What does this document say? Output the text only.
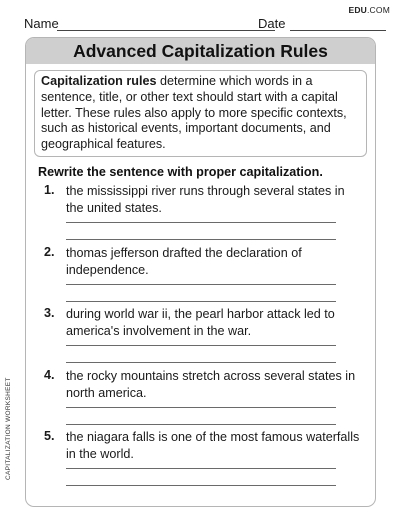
EDU.COM
Name	Date
Advanced Capitalization Rules
Capitalization rules determine which words in a sentence, title, or other text should start with a capital letter. These rules also apply to more specific contexts, such as historical events, important documents, and geographical features.
Rewrite the sentence with proper capitalization.
1. the mississippi river runs through several states in the united states.
2. thomas jefferson drafted the declaration of independence.
3. during world war ii, the pearl harbor attack led to america's involvement in the war.
4. the rocky mountains stretch across several states in north america.
5. the niagara falls is one of the most famous waterfalls in the world.
CAPITALIZATION WORKSHEET
